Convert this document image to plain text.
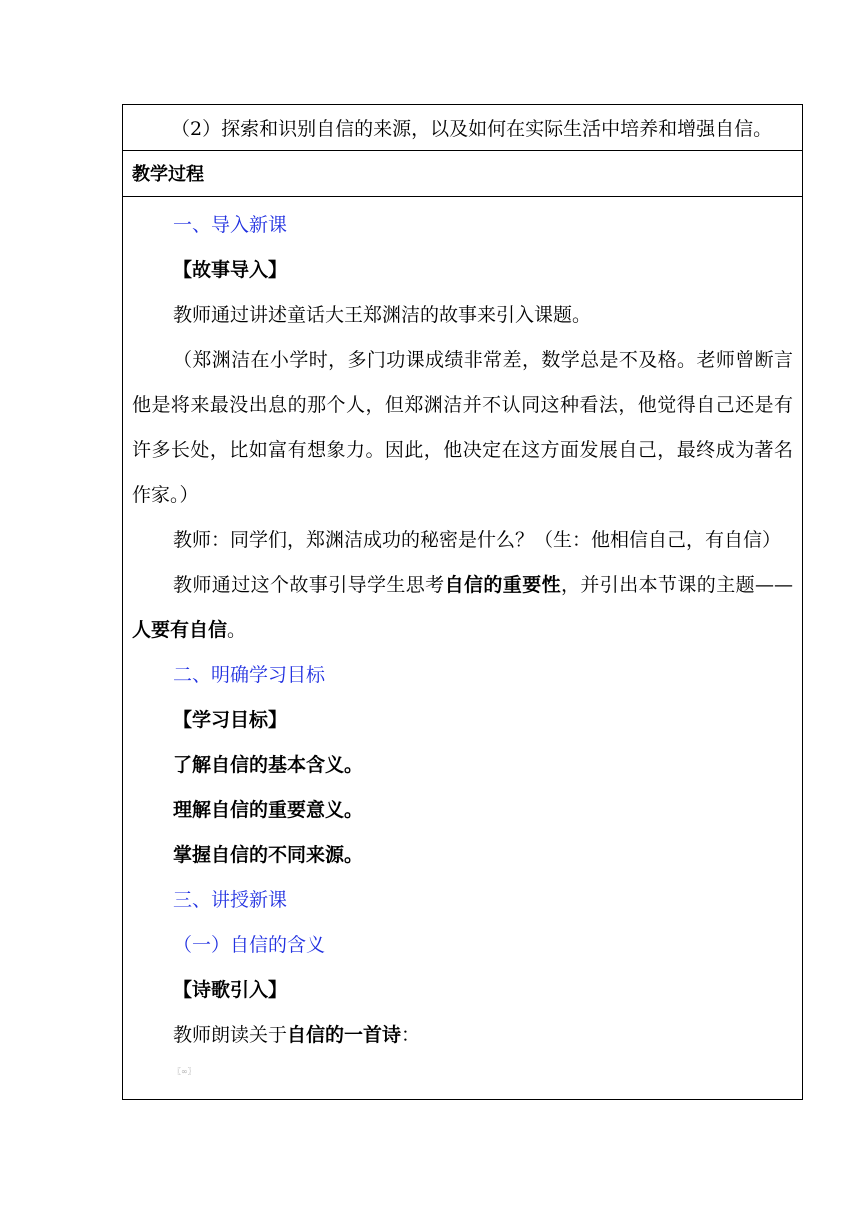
（2）探索和识别自信的来源，以及如何在实际生活中培养和增强自信。
教学过程

一、导入新课

【故事导入】

教师通过讲述童话大王郑渊洁的故事来引入课题。

（郑渊洁在小学时，多门功课成绩非常差，数学总是不及格。老师曾断言他是将来最没出息的那个人，但郑渊洁并不认同这种看法，他觉得自己还是有许多长处，比如富有想象力。因此，他决定在这方面发展自己，最终成为著名作家。）

教师：同学们，郑渊洁成功的秘密是什么？（生：他相信自己，有自信）

教师通过这个故事引导学生思考自信的重要性，并引出本节课的主题——人要有自信。

二、明确学习目标

【学习目标】

了解自信的基本含义。

理解自信的重要意义。

掌握自信的不同来源。

三、讲授新课

（一）自信的含义

【诗歌引入】

教师朗读关于自信的一首诗：

〖∞〗
